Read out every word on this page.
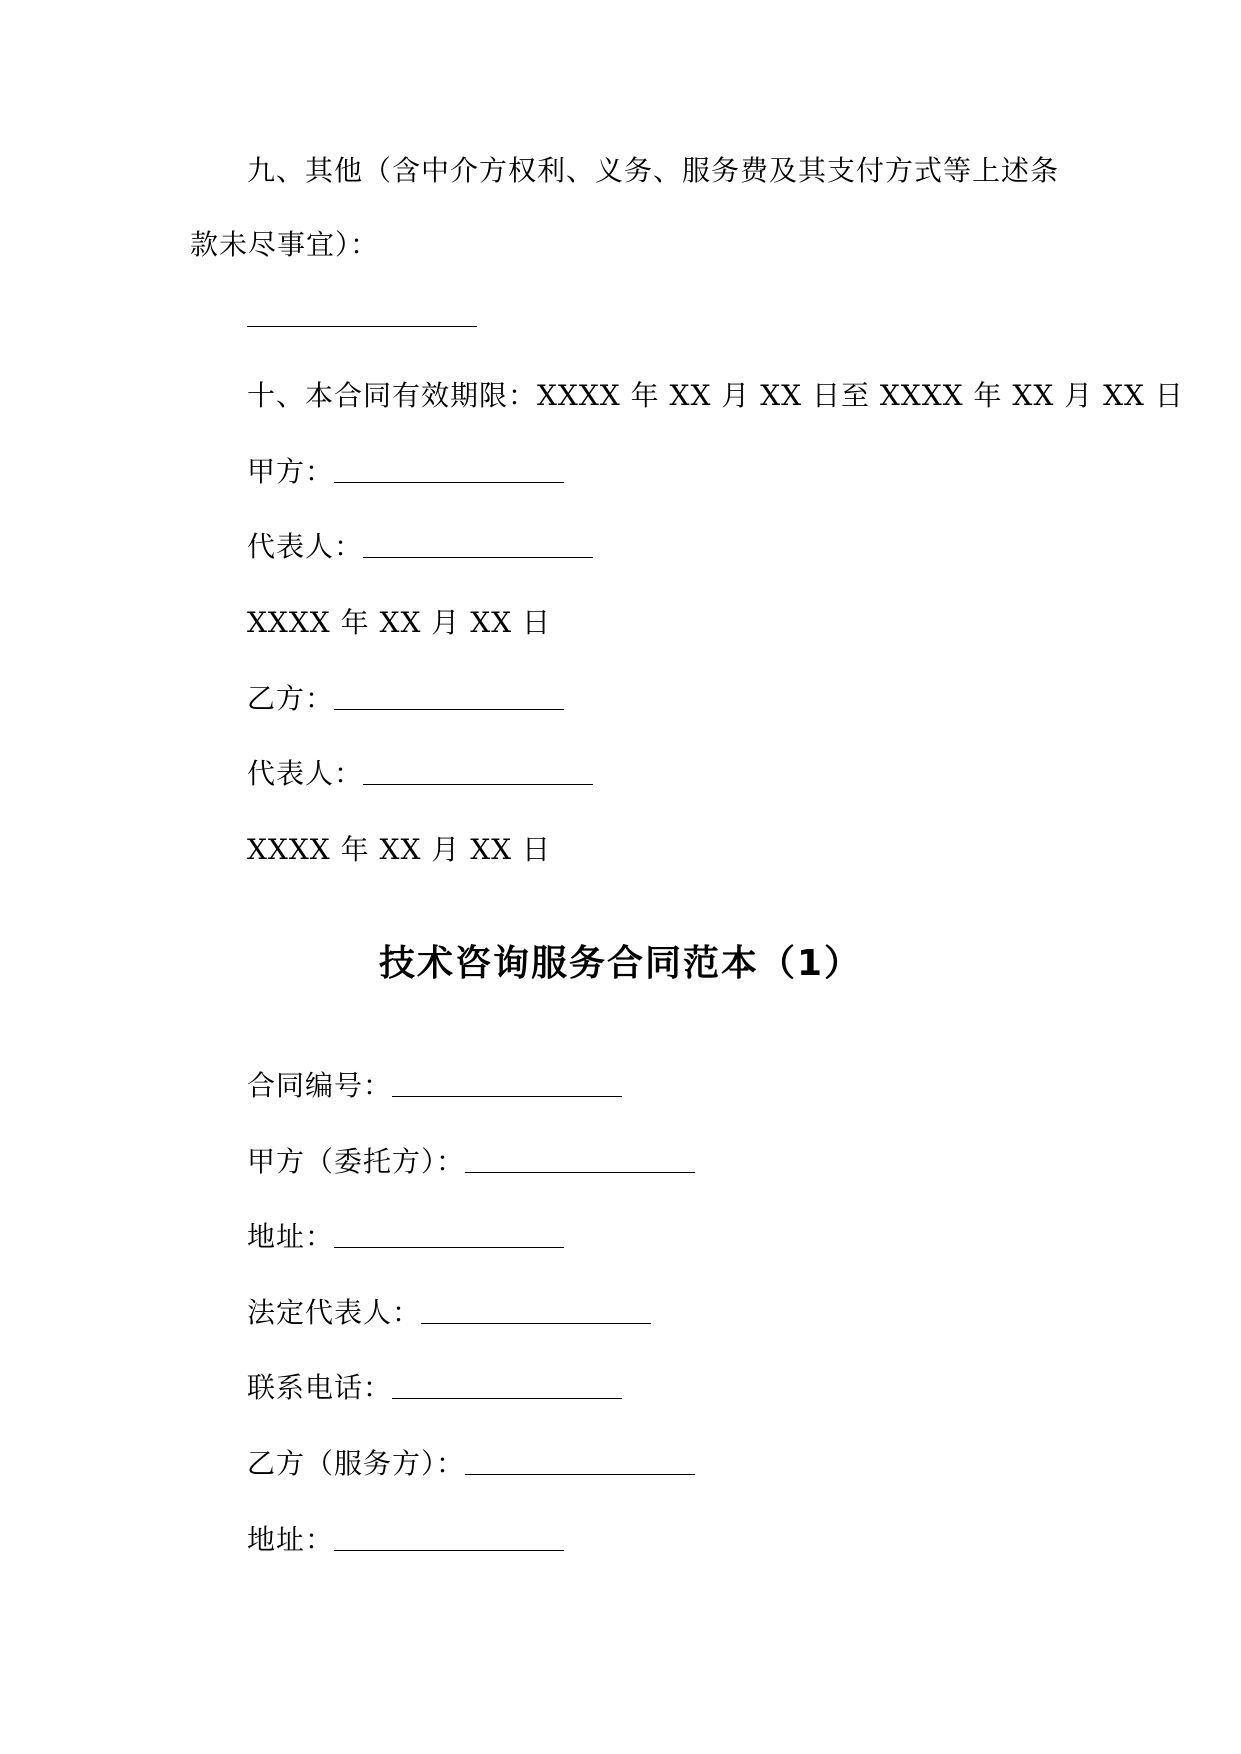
九、其他（含中介方权利、义务、服务费及其支付方式等上述条
款未尽事宜）：
十、本合同有效期限：XXXX 年 XX 月 XX 日至 XXXX 年 XX 月 XX 日
甲方：
代表人：
XXXX 年 XX 月 XX 日
乙方：
代表人：
XXXX 年 XX 月 XX 日
技术咨询服务合同范本（1）
合同编号：
甲方（委托方）：
地址：
法定代表人：
联系电话：
乙方（服务方）：
地址：
